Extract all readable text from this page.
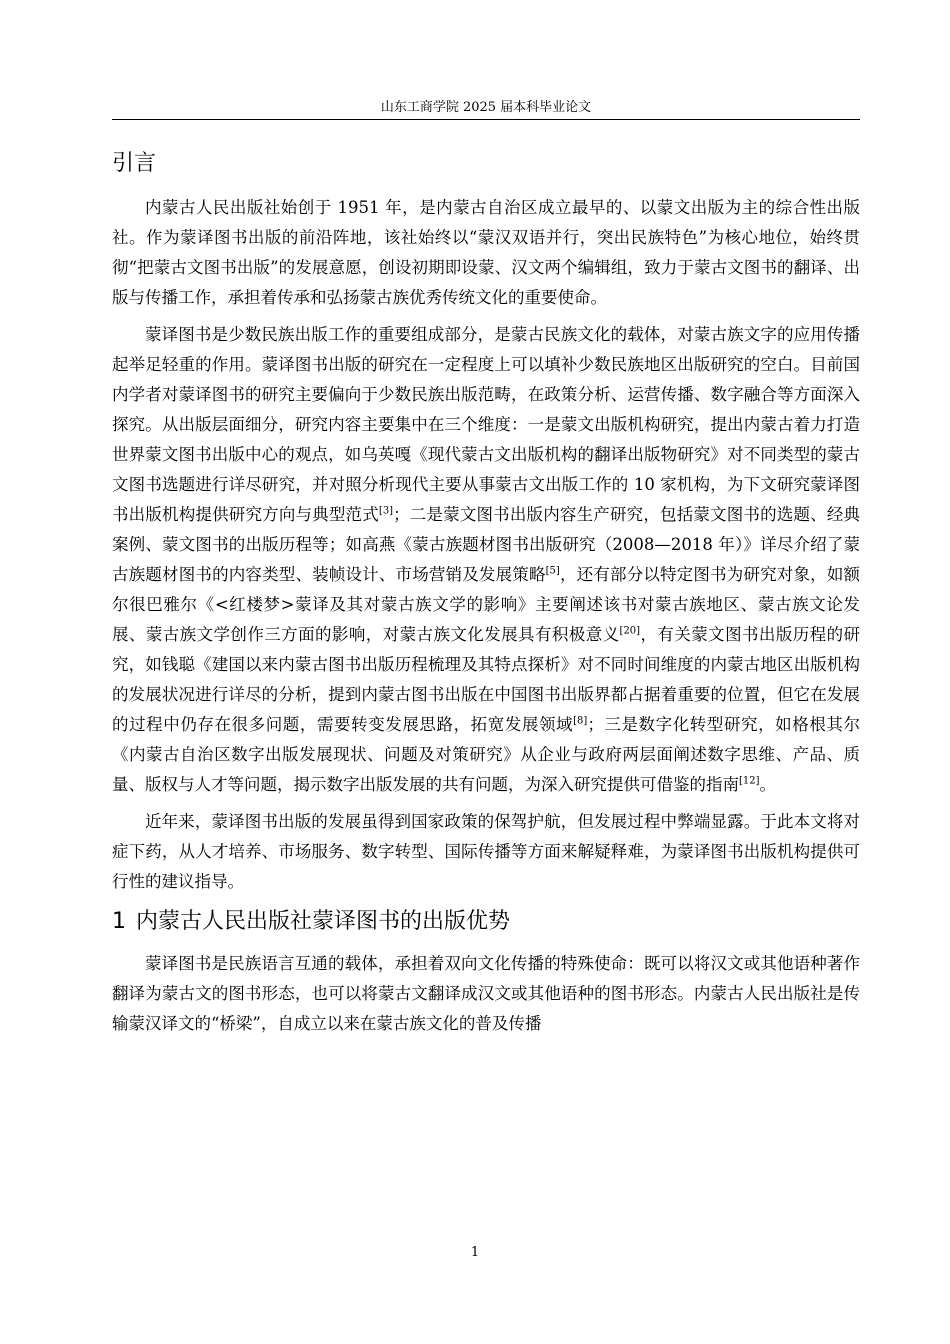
山东工商学院 2025 届本科毕业论文
引言

内蒙古人民出版社始创于 1951 年，是内蒙古自治区成立最早的、以蒙文出版为主的综合性出版社。作为蒙译图书出版的前沿阵地，该社始终以“蒙汉双语并行，突出民族特色”为核心地位，始终贯彻“把蒙古文图书出版”的发展意愿，创设初期即设蒙、汉文两个编辑组，致力于蒙古文图书的翻译、出版与传播工作，承担着传承和弘扬蒙古族优秀传统文化的重要使命。

蒙译图书是少数民族出版工作的重要组成部分，是蒙古民族文化的载体，对蒙古族文字的应用传播起举足轻重的作用。蒙译图书出版的研究在一定程度上可以填补少数民族地区出版研究的空白。目前国内学者对蒙译图书的研究主要偏向于少数民族出版范畴，在政策分析、运营传播、数字融合等方面深入探究。从出版层面细分，研究内容主要集中在三个维度：一是蒙文出版机构研究，提出内蒙古着力打造世界蒙文图书出版中心的观点，如乌英嘎《现代蒙古文出版机构的翻译出版物研究》对不同类型的蒙古文图书选题进行详尽研究，并对照分析现代主要从事蒙古文出版工作的 10 家机构，为下文研究蒙译图书出版机构提供研究方向与典型范式[3]；二是蒙文图书出版内容生产研究，包括蒙文图书的选题、经典案例、蒙文图书的出版历程等；如高燕《蒙古族题材图书出版研究（2008—2018 年）》详尽介绍了蒙古族题材图书的内容类型、装帧设计、市场营销及发展策略[5]，还有部分以特定图书为研究对象，如额尔很巴雅尔《<红楼梦>蒙译及其对蒙古族文学的影响》主要阐述该书对蒙古族地区、蒙古族文论发展、蒙古族文学创作三方面的影响，对蒙古族文化发展具有积极意义[20]，有关蒙文图书出版历程的研究，如钱聪《建国以来内蒙古图书出版历程梳理及其特点探析》对不同时间维度的内蒙古地区出版机构的发展状况进行详尽的分析，提到内蒙古图书出版在中国图书出版界都占据着重要的位置，但它在发展的过程中仍存在很多问题，需要转变发展思路，拓宽发展领域[8]；三是数字化转型研究，如格根其尔《内蒙古自治区数字出版发展现状、问题及对策研究》从企业与政府两层面阐述数字思维、产品、质量、版权与人才等问题，揭示数字出版发展的共有问题，为深入研究提供可借鉴的指南[12]。

近年来，蒙译图书出版的发展虽得到国家政策的保驾护航，但发展过程中弊端显露。于此本文将对症下药，从人才培养、市场服务、数字转型、国际传播等方面来解疑释难，为蒙译图书出版机构提供可行性的建议指导。

1 内蒙古人民出版社蒙译图书的出版优势

蒙译图书是民族语言互通的载体，承担着双向文化传播的特殊使命：既可以将汉文或其他语种著作翻译为蒙古文的图书形态，也可以将蒙古文翻译成汉文或其他语种的图书形态。内蒙古人民出版社是传输蒙汉译文的“桥梁”，自成立以来在蒙古族文化的普及传播

1
